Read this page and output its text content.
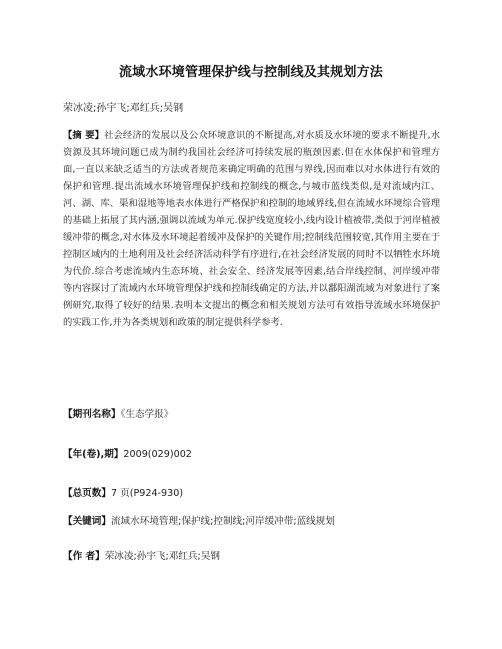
流域水环境管理保护线与控制线及其规划方法
荣冰凌;孙宇飞;邓红兵;吴钢
【摘 要】社会经济的发展以及公众环境意识的不断提高,对水质及水环境的要求不断提升,水资源及其环境问题已成为制约我国社会经济可持续发展的瓶颈因素.但在水体保护和管理方面,一直以来缺乏适当的方法或者规范来确定明确的范围与界线,因而难以对水体进行有效的保护和管理.提出流域水环境管理保护线和控制线的概念,与城市蓝线类似,是对流域内江、河、湖、库、渠和湿地等地表水体进行严格保护和控制的地域界线,但在流域水环境综合管理的基础上拓展了其内涵,强调以流域为单元.保护线宽度较小,线内设计植被带,类似于河岸植被缓冲带的概念,对水体及水环境起着缓冲及保护的关键作用;控制线范围较宽,其作用主要在于控制区域内的土地利用及社会经济活动科学有序进行,在社会经济发展的同时不以牺牲水环境为代价.综合考虑流域内生态环境、社会安全、经济发展等因素,结合岸线控制、河岸缓冲带等内容探讨了流域内水环境管理保护线和控制线确定的方法,并以鄱阳湖流域为对象进行了案例研究,取得了较好的结果.表明本文提出的概念和相关规划方法可有效指导流域水环境保护的实践工作,并为各类规划和政策的制定提供科学参考.
【期刊名称】《生态学报》
【年(卷),期】2009(029)002
【总页数】7 页(P924-930)
【关键词】流域水环境管理;保护线;控制线;河岸缓冲带;蓝线规划
【作 者】荣冰凌;孙宇飞;邓红兵;吴钢
